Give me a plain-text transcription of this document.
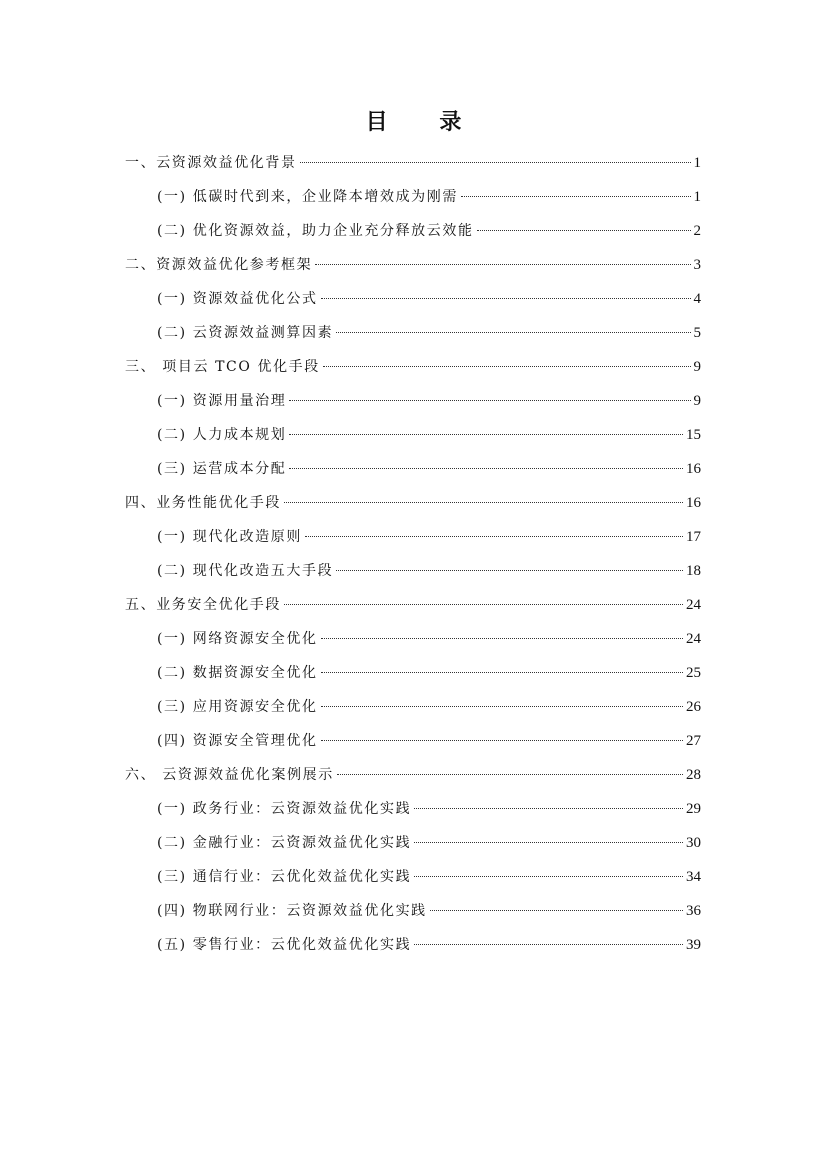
目 录
一、云资源效益优化背景	1
(一) 低碳时代到来，企业降本增效成为刚需	1
(二) 优化资源效益，助力企业充分释放云效能	2
二、资源效益优化参考框架	3
(一) 资源效益优化公式	4
(二) 云资源效益测算因素	5
三、 项目云 TCO 优化手段	9
(一) 资源用量治理	9
(二) 人力成本规划	15
(三) 运营成本分配	16
四、业务性能优化手段	16
(一) 现代化改造原则	17
(二) 现代化改造五大手段	18
五、业务安全优化手段	24
(一) 网络资源安全优化	24
(二) 数据资源安全优化	25
(三) 应用资源安全优化	26
(四) 资源安全管理优化	27
六、 云资源效益优化案例展示	28
(一) 政务行业：云资源效益优化实践	29
(二) 金融行业：云资源效益优化实践	30
(三) 通信行业：云优化效益优化实践	34
(四) 物联网行业：云资源效益优化实践	36
(五) 零售行业：云优化效益优化实践	39
